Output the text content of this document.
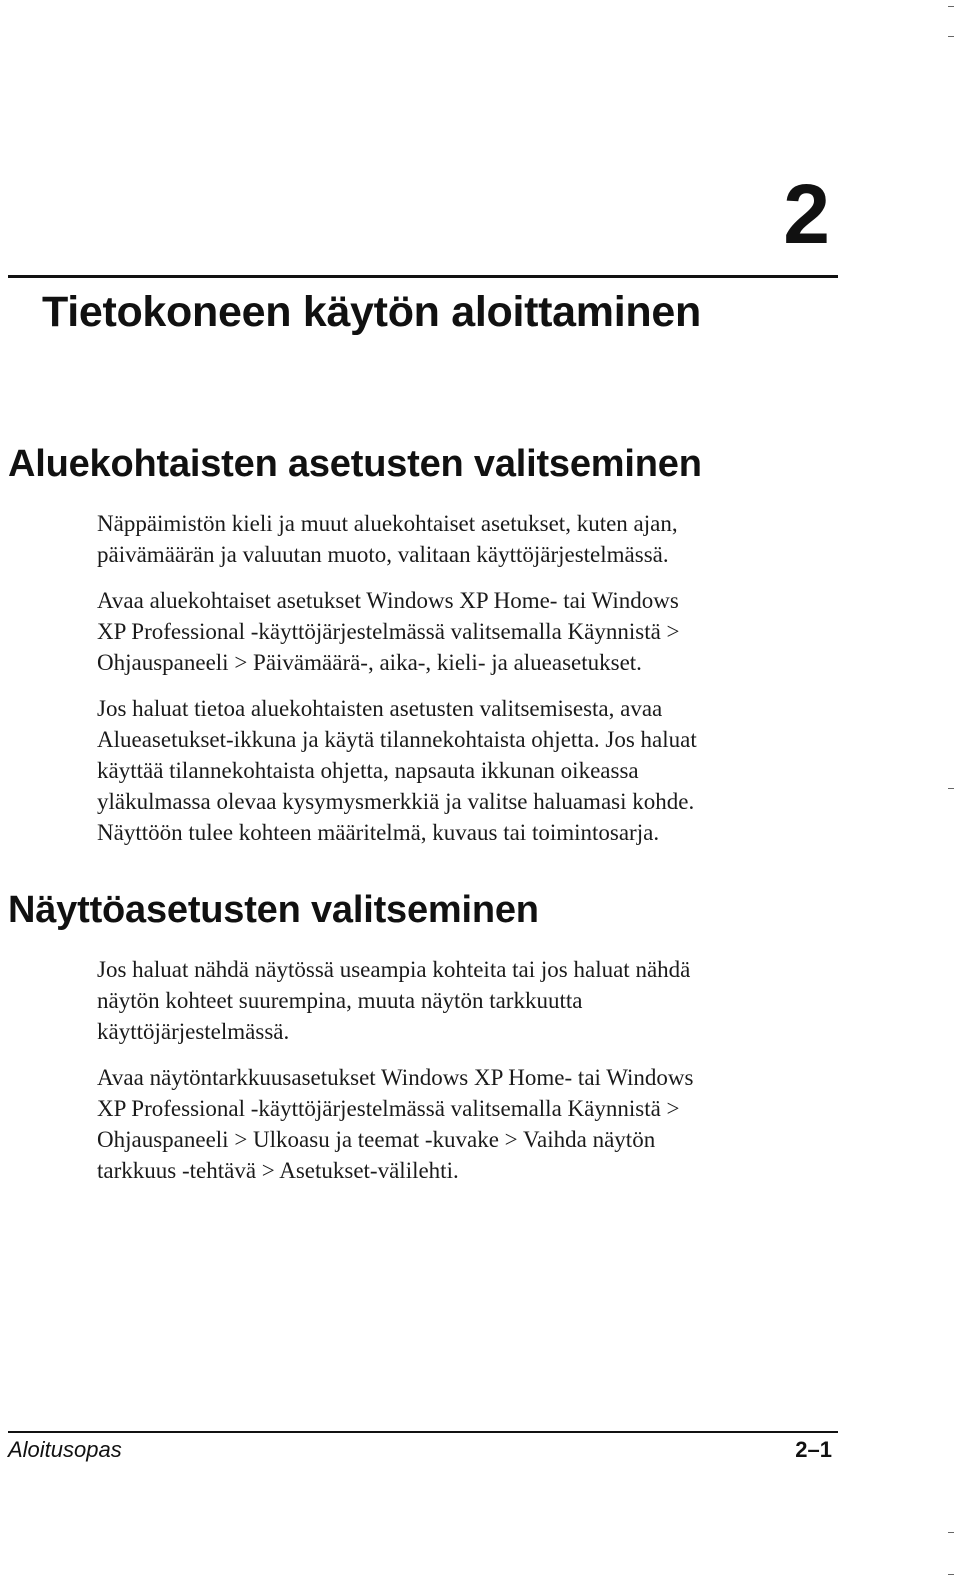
2
Tietokoneen käytön aloittaminen
Aluekohtaisten asetusten valitseminen

Näppäimistön kieli ja muut aluekohtaiset asetukset, kuten ajan,
päivämäärän ja valuutan muoto, valitaan käyttöjärjestelmässä.

Avaa aluekohtaiset asetukset Windows XP Home- tai Windows
XP Professional -käyttöjärjestelmässä valitsemalla Käynnistä >
Ohjauspaneeli > Päivämäärä-, aika-, kieli- ja alueasetukset.

Jos haluat tietoa aluekohtaisten asetusten valitsemisesta, avaa
Alueasetukset-ikkuna ja käytä tilannekohtaista ohjetta. Jos haluat
käyttää tilannekohtaista ohjetta, napsauta ikkunan oikeassa
yläkulmassa olevaa kysymysmerkkiä ja valitse haluamasi kohde.
Näyttöön tulee kohteen määritelmä, kuvaus tai toimintosarja.

Näyttöasetusten valitseminen

Jos haluat nähdä näytössä useampia kohteita tai jos haluat nähdä
näytön kohteet suurempina, muuta näytön tarkkuutta
käyttöjärjestelmässä.

Avaa näytöntarkkuusasetukset Windows XP Home- tai Windows
XP Professional -käyttöjärjestelmässä valitsemalla Käynnistä >
Ohjauspaneeli > Ulkoasu ja teemat -kuvake > Vaihda näytön
tarkkuus -tehtävä > Asetukset-välilehti.

Aloitusopas	2–1
